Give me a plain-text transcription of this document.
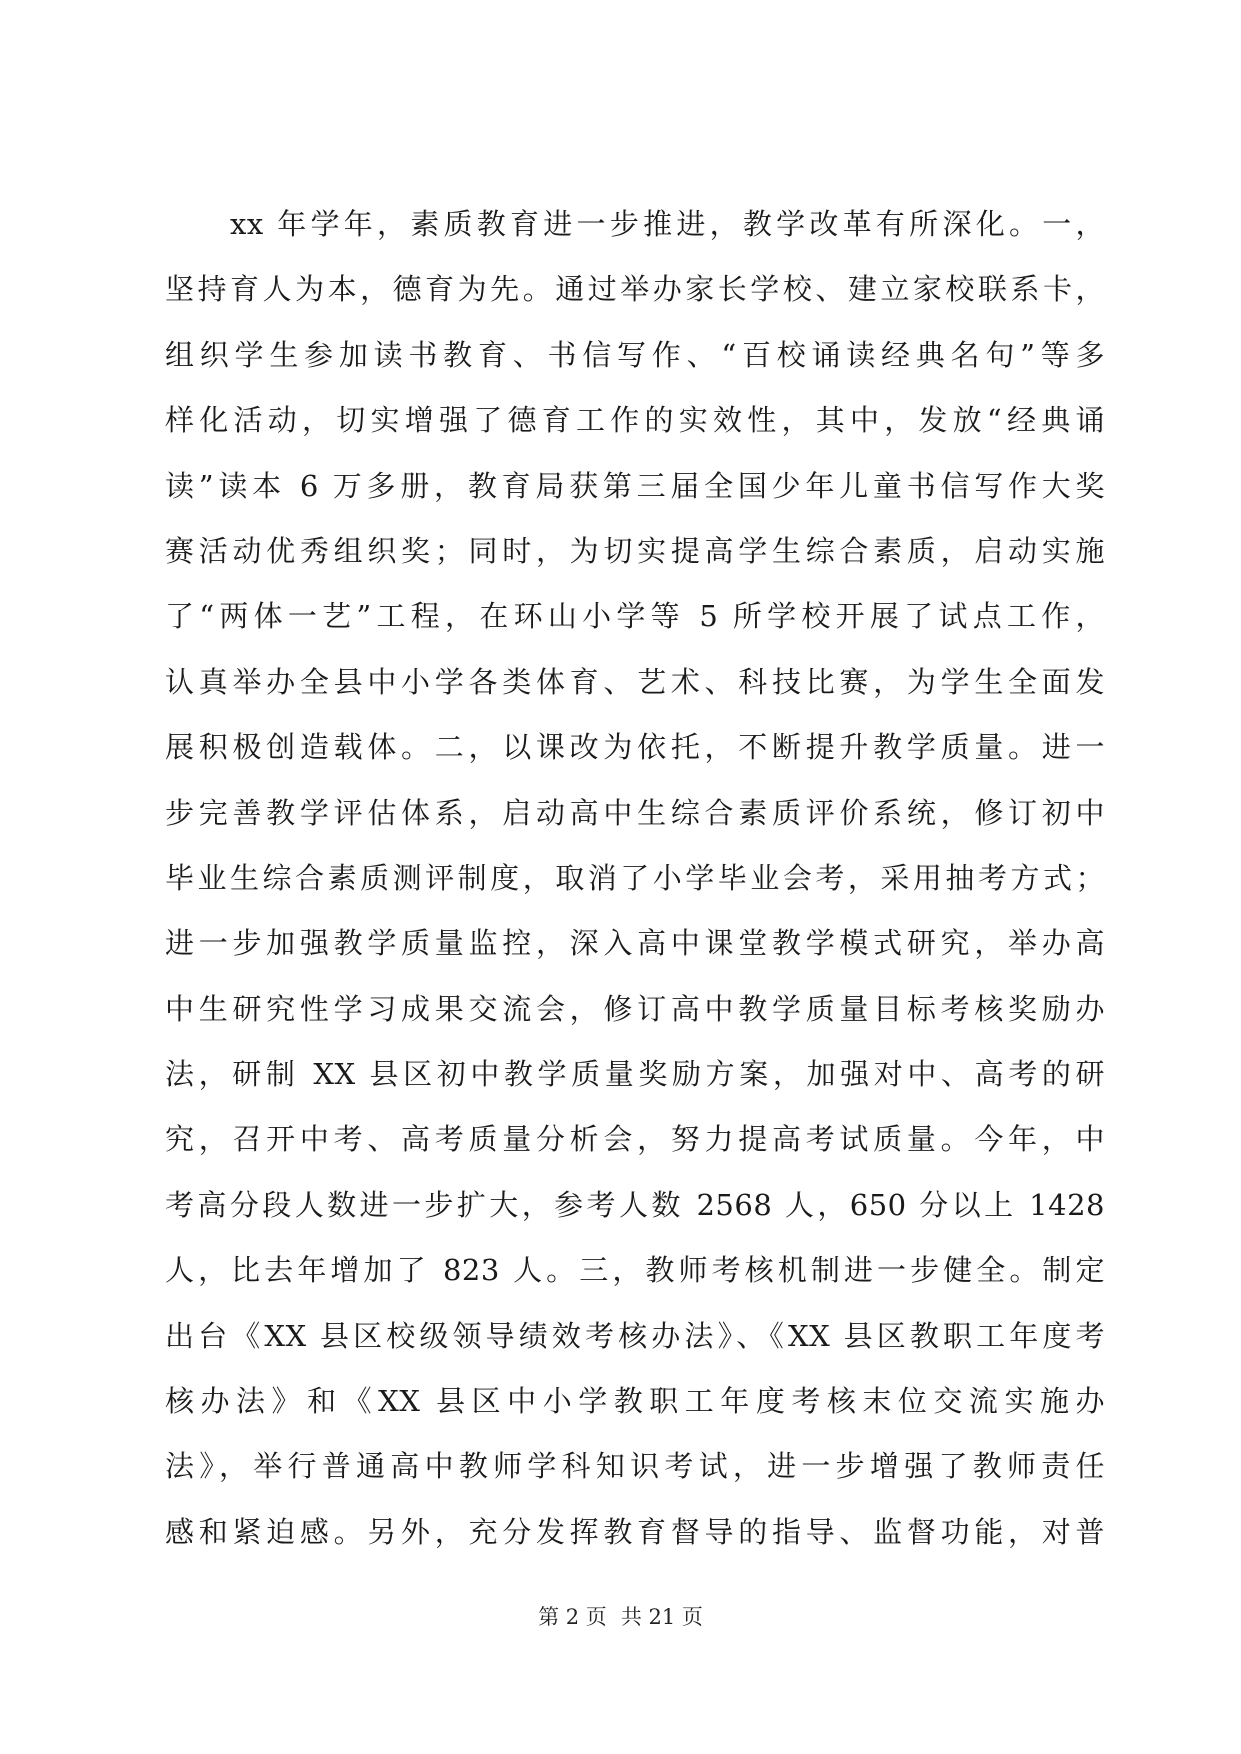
xx 年学年，素质教育进一步推进，教学改革有所深化。一，
坚持育人为本，德育为先。通过举办家长学校、建立家校联系卡，
组织学生参加读书教育、书信写作、“百校诵读经典名句”等多
样化活动，切实增强了德育工作的实效性，其中，发放“经典诵
读”读本 6 万多册，教育局获第三届全国少年儿童书信写作大奖
赛活动优秀组织奖；同时，为切实提高学生综合素质，启动实施
了“两体一艺”工程，在环山小学等 5 所学校开展了试点工作，
认真举办全县中小学各类体育、艺术、科技比赛，为学生全面发
展积极创造载体。二，以课改为依托，不断提升教学质量。进一
步完善教学评估体系，启动高中生综合素质评价系统，修订初中
毕业生综合素质测评制度，取消了小学毕业会考，采用抽考方式；
进一步加强教学质量监控，深入高中课堂教学模式研究，举办高
中生研究性学习成果交流会，修订高中教学质量目标考核奖励办
法，研制 XX 县区初中教学质量奖励方案，加强对中、高考的研
究，召开中考、高考质量分析会，努力提高考试质量。今年，中
考高分段人数进一步扩大，参考人数 2568 人，650 分以上 1428
人，比去年增加了 823 人。三，教师考核机制进一步健全。制定
出台《XX 县区校级领导绩效考核办法》、《XX 县区教职工年度考
核办法》和《XX 县区中小学教职工年度考核末位交流实施办
法》，举行普通高中教师学科知识考试，进一步增强了教师责任
感和紧迫感。另外，充分发挥教育督导的指导、监督功能，对普
第 2 页 共 21 页
